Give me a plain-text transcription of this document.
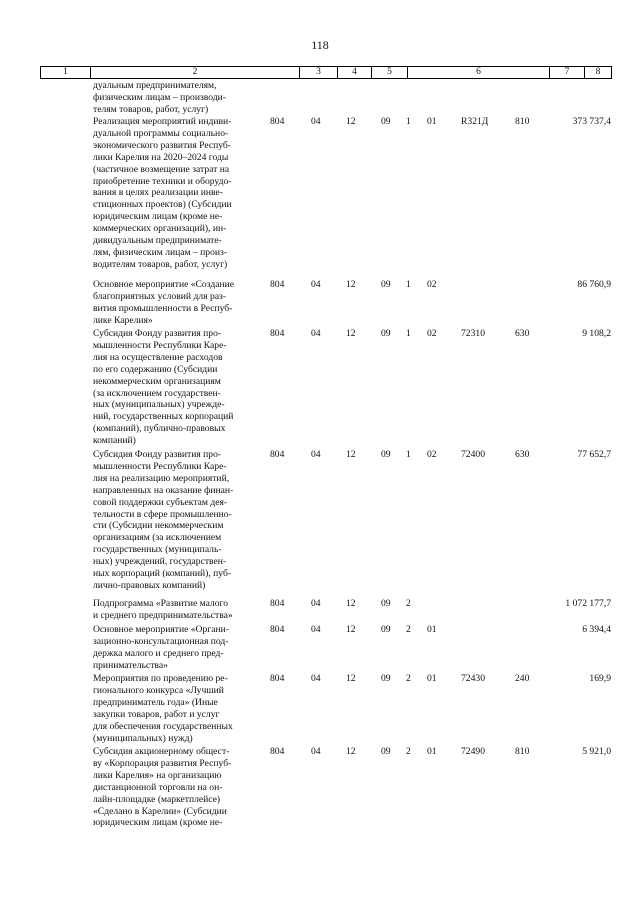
118
1	2	3	4	5	6	7	8
дуальным предпринимателям,
физическим лицам – производи-
телям товаров, работ, услуг)
Реализация мероприятий индиви-
дуальной программы социально-
экономического развития Респуб-
лики Карелия на 2020–2024 годы
(частичное возмещение затрат на
приобретение техники и оборудо-
вания в целях реализации инве-
стиционных проектов) (Субсидии
юридическим лицам (кроме не-
коммерческих организаций), ин-
дивидуальным предпринимате-
лям, физическим лицам – произ-
водителям товаров, работ, услуг)
804	04	12	09 1 01	R321Д	810	373 737,4
Основное мероприятие «Создание
благоприятных условий для раз-
вития промышленности в Респуб-
лике Карелия»
804	04	12	09 1 02	86 760,9
Субсидия Фонду развития про-
мышленности Республики Каре-
лия на осуществление расходов
по его содержанию (Субсидии
некоммерческим организациям
(за исключением государствен-
ных (муниципальных) учрежде-
ний, государственных корпораций
(компаний), публично-правовых
компаний)
804	04	12	09 1 02	72310	630	9 108,2
Субсидия Фонду развития про-
мышленности Республики Каре-
лия на реализацию мероприятий,
направленных на оказание финан-
совой поддержки субъектам дея-
тельности в сфере промышленно-
сти (Субсидии некоммерческим
организациям (за исключением
государственных (муниципаль-
ных) учреждений, государствен-
ных корпораций (компаний), пуб-
лично-правовых компаний)
804	04	12	09 1 02	72400	630	77 652,7
Подпрограмма «Развитие малого
и среднего предпринимательства»
804	04	12	09 2	1 072 177,7
Основное мероприятие «Органи-
зационно-консультационная под-
держка малого и среднего пред-
принимательства»
804	04	12	09 2 01	6 394,4
Мероприятия по проведению ре-
гионального конкурса «Лучший
предприниматель года» (Иные
закупки товаров, работ и услуг
для обеспечения государственных
(муниципальных) нужд)
804	04	12	09 2 01	72430	240	169,9
Субсидия акционерному общест-
ву «Корпорация развития Респуб-
лики Карелия» на организацию
дистанционной торговли на он-
лайн-площадке (маркетплейсе)
«Сделано в Карелии» (Субсидии
юридическим лицам (кроме не-
804	04	12	09 2 01	72490	810	5 921,0
